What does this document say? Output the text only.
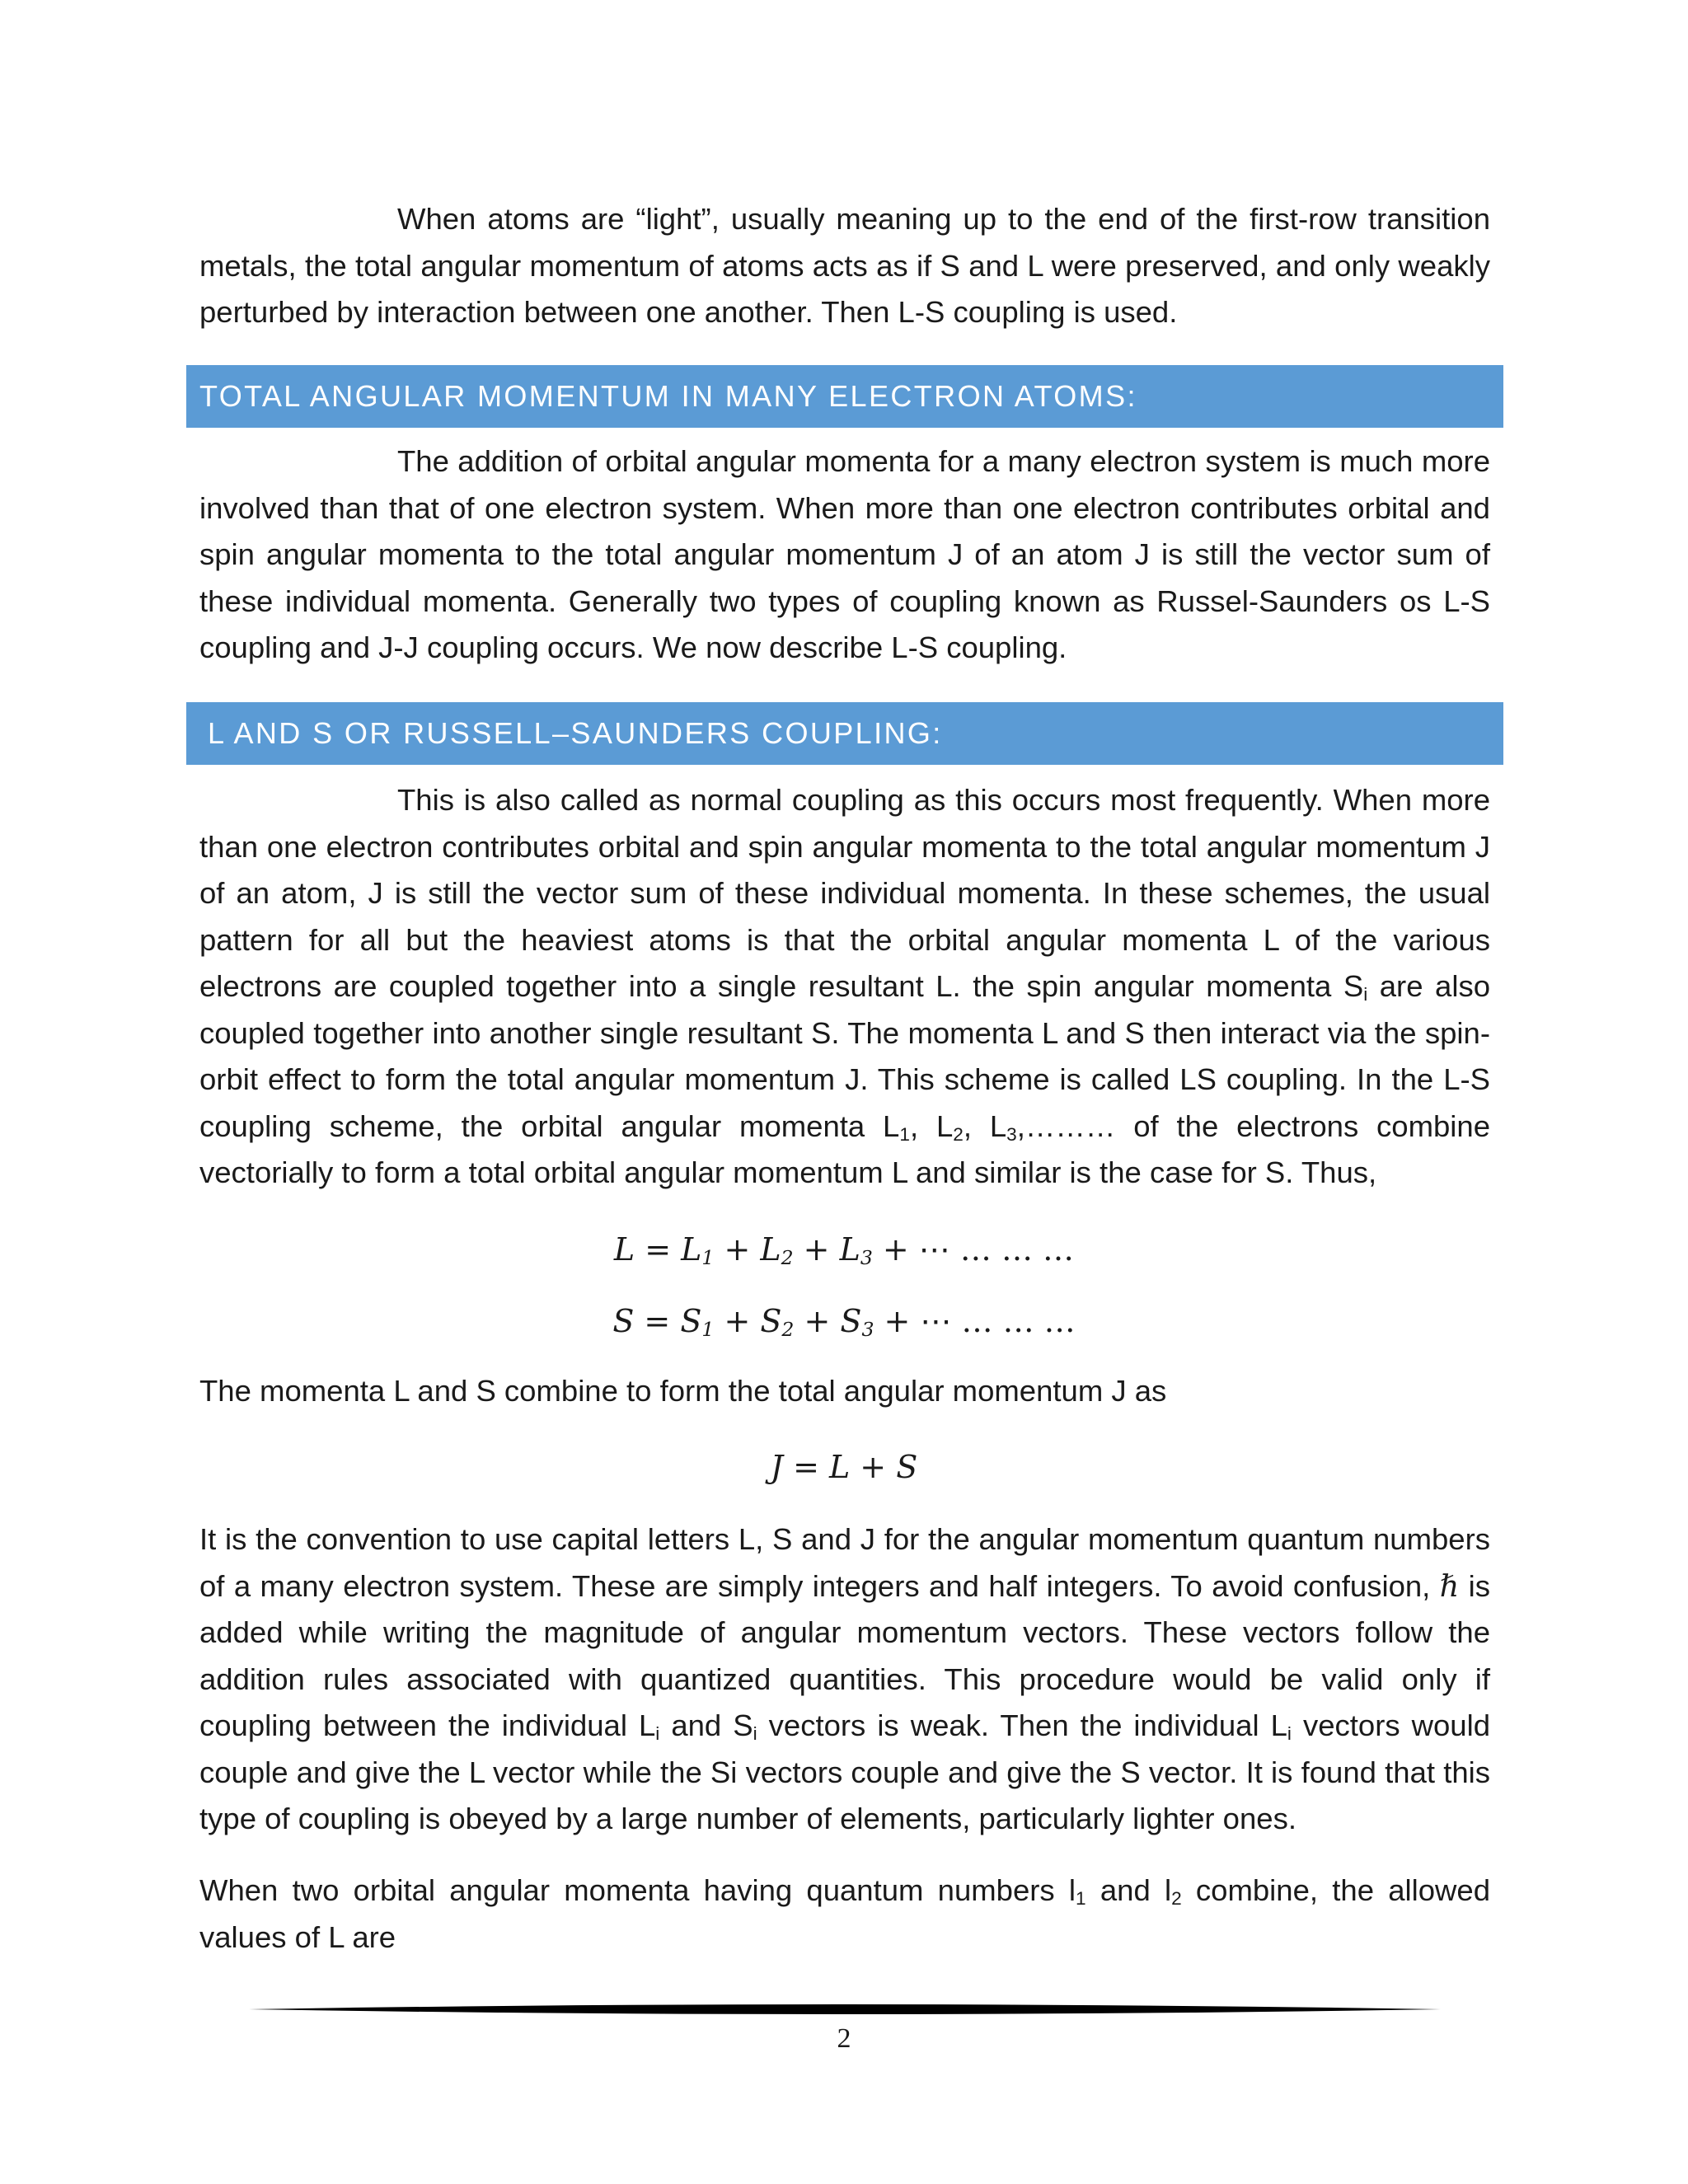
When atoms are “light”, usually meaning up to the end of the first-row transition metals, the total angular momentum of atoms acts as if S and L were preserved, and only weakly perturbed by interaction between one another. Then L-S coupling is used.

TOTAL ANGULAR MOMENTUM IN MANY ELECTRON ATOMS:

The addition of orbital angular momenta for a many electron system is much more involved than that of one electron system. When more than one electron contributes orbital and spin angular momenta to the total angular momentum J of an atom J is still the vector sum of these individual momenta. Generally two types of coupling known as Russel-Saunders os L-S coupling and J-J coupling occurs. We now describe L-S coupling.

L AND S OR RUSSELL–SAUNDERS COUPLING:

This is also called as normal coupling as this occurs most frequently. When more than one electron contributes orbital and spin angular momenta to the total angular momentum J of an atom, J is still the vector sum of these individual momenta. In these schemes, the usual pattern for all but the heaviest atoms is that the orbital angular momenta L of the various electrons are coupled together into a single resultant L. the spin angular momenta $S_i$ are also coupled together into another single resultant S. The momenta L and S then interact via the spin-orbit effect to form the total angular momentum J. This scheme is called LS coupling. In the L-S coupling scheme, the orbital angular momenta $L_1$, $L_2$, $L_3,\dots\dots\dots$ of the electrons combine vectorially to form a total orbital angular momentum L and similar is the case for S. Thus,

$L = L_1 + L_2 + L_3$ + ⋯ … … …
$S = S_1 + S_2 + S_3$ + ⋯ … … …

The momenta L and S combine to form the total angular momentum J as

J = L + S

It is the convention to use capital letters L, S and J for the angular momentum quantum numbers of a many electron system. These are simply integers and half integers. To avoid confusion, ℏ is added while writing the magnitude of angular momentum vectors. These vectors follow the addition rules associated with quantized quantities. This procedure would be valid only if coupling between the individual $L_i$ and $S_i$ vectors is weak. Then the individual $L_i$ vectors would couple and give the L vector while the Si vectors couple and give the S vector. It is found that this type of coupling is obeyed by a large number of elements, particularly lighter ones.

When two orbital angular momenta having quantum numbers $l_1$ and $l_2$ combine, the allowed values of L are

2
